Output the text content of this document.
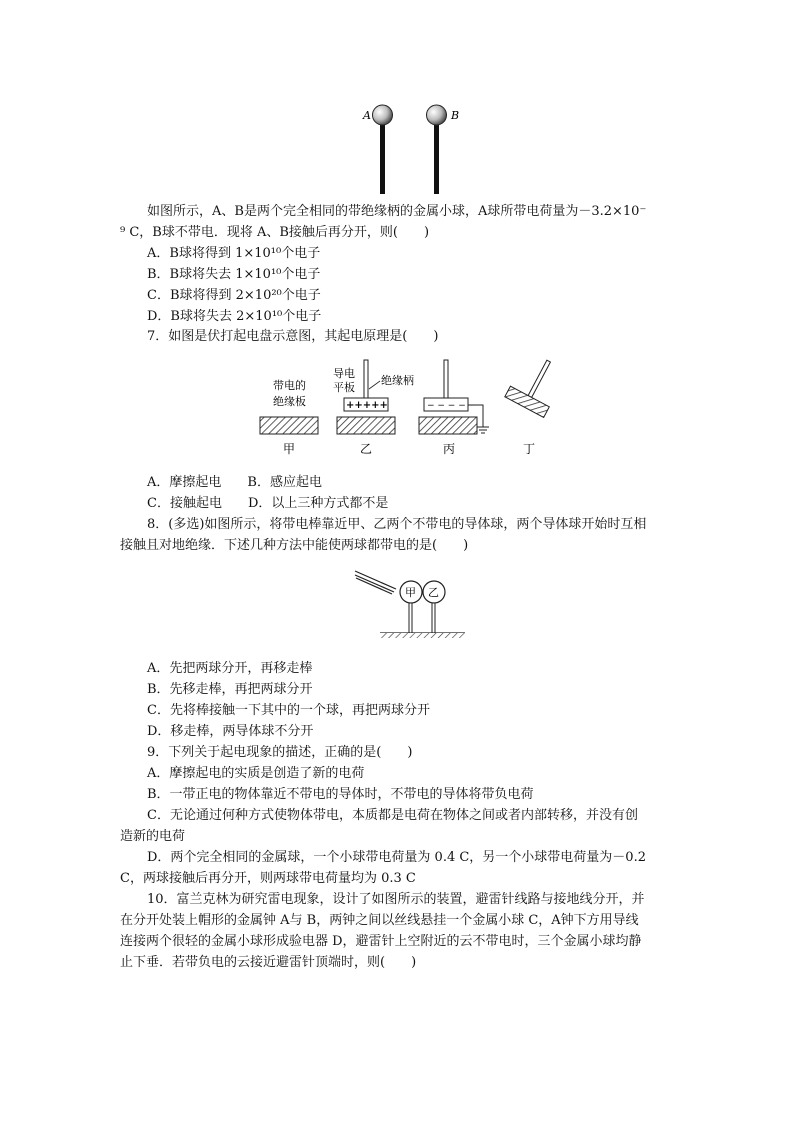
A	B
如图所示，A、B是两个完全相同的带绝缘柄的金属小球，A球所带电荷量为－3.2×10⁻
⁹ C，B球不带电．现将 A、B接触后再分开，则(　　)
A．B球将得到 1×10¹⁰个电子
B．B球将失去 1×10¹⁰个电子
C．B球将得到 2×10²⁰个电子
D．B球将失去 2×10¹⁰个电子
7．如图是伏打起电盘示意图，其起电原理是(　　)
带电的
绝缘板
甲
导电
平板
绝缘柄
+++++
乙
− − − − −
丙	丁
A．摩擦起电　　B．感应起电
C．接触起电　　D．以上三种方式都不是
8．(多选)如图所示，将带电棒靠近甲、乙两个不带电的导体球，两个导体球开始时互相
接触且对地绝缘．下述几种方法中能使两球都带电的是(　　)
甲 乙
A．先把两球分开，再移走棒
B．先移走棒，再把两球分开
C．先将棒接触一下其中的一个球，再把两球分开
D．移走棒，两导体球不分开
9．下列关于起电现象的描述，正确的是(　　)
A．摩擦起电的实质是创造了新的电荷
B．一带正电的物体靠近不带电的导体时，不带电的导体将带负电荷
C．无论通过何种方式使物体带电，本质都是电荷在物体之间或者内部转移，并没有创
造新的电荷
D．两个完全相同的金属球，一个小球带电荷量为 0.4 C，另一个小球带电荷量为－0.2
C，两球接触后再分开，则两球带电荷量均为 0.3 C
10．富兰克林为研究雷电现象，设计了如图所示的装置，避雷针线路与接地线分开，并
在分开处装上帽形的金属钟 A与 B，两钟之间以丝线悬挂一个金属小球 C，A钟下方用导线
连接两个很轻的金属小球形成验电器 D，避雷针上空附近的云不带电时，三个金属小球均静
止下垂．若带负电的云接近避雷针顶端时，则(　　)
